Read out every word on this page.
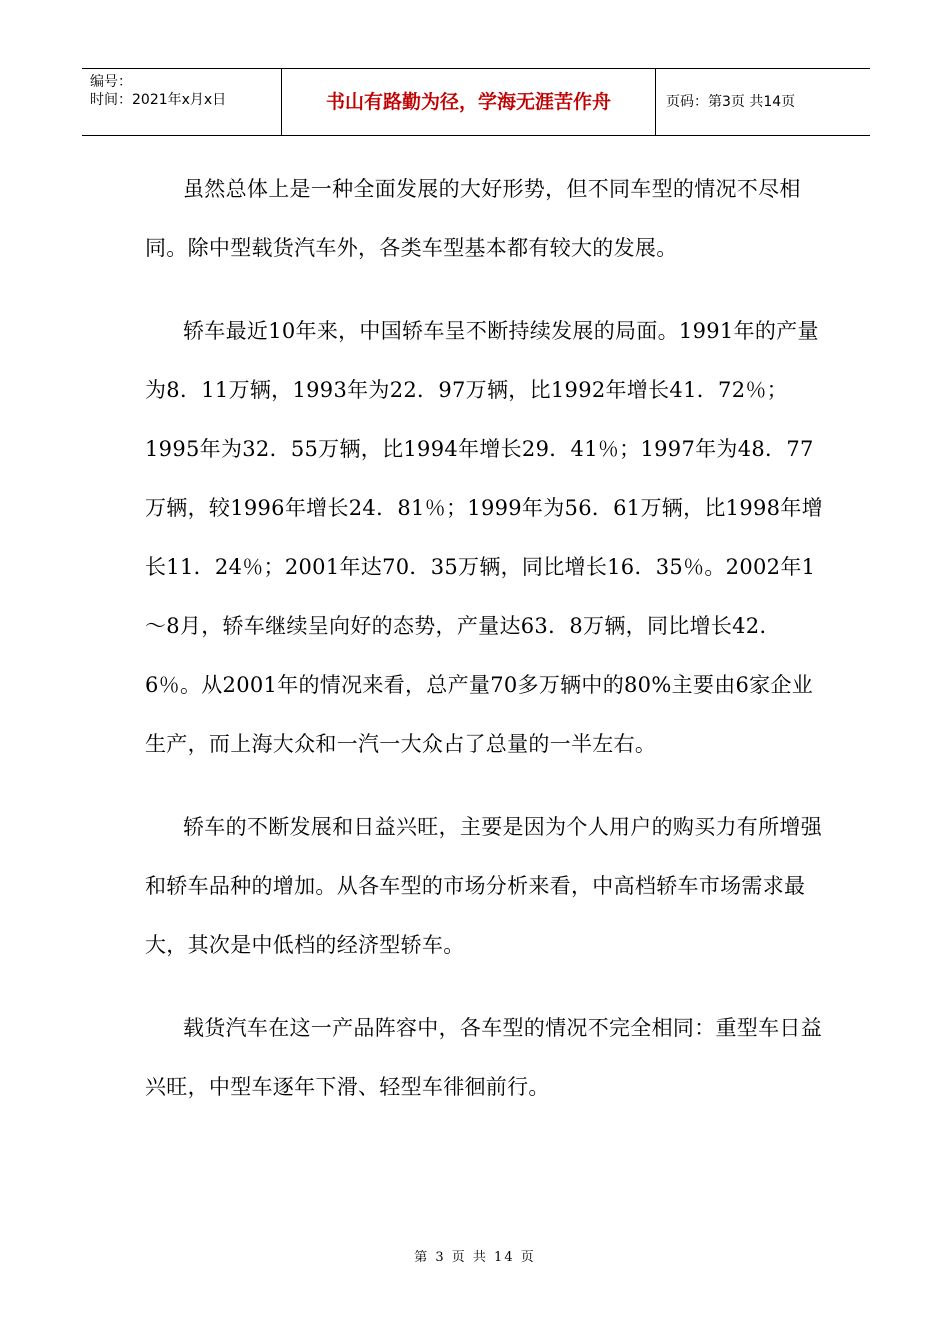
编号：
时间：2021年x月x日	书山有路勤为径，学海无涯苦作舟	页码：第3页 共14页

虽然总体上是一种全面发展的大好形势，但不同车型的情况不尽相同。除中型载货汽车外，各类车型基本都有较大的发展。

轿车最近10年来，中国轿车呈不断持续发展的局面。1991年的产量为8．11万辆，1993年为22．97万辆，比1992年增长41．72％；1995年为32．55万辆，比1994年增长29．41％；1997年为48．77万辆，较1996年增长24．81％；1999年为56．61万辆，比1998年增长11．24％；2001年达70．35万辆，同比增长16．35％。2002年1～8月，轿车继续呈向好的态势，产量达63．8万辆，同比增长42．6％。从2001年的情况来看，总产量70多万辆中的80%主要由6家企业生产，而上海大众和一汽一大众占了总量的一半左右。

轿车的不断发展和日益兴旺，主要是因为个人用户的购买力有所增强和轿车品种的增加。从各车型的市场分析来看，中高档轿车市场需求最大，其次是中低档的经济型轿车。

载货汽车在这一产品阵容中，各车型的情况不完全相同：重型车日益兴旺，中型车逐年下滑、轻型车徘徊前行。

第 3 页 共 14 页
